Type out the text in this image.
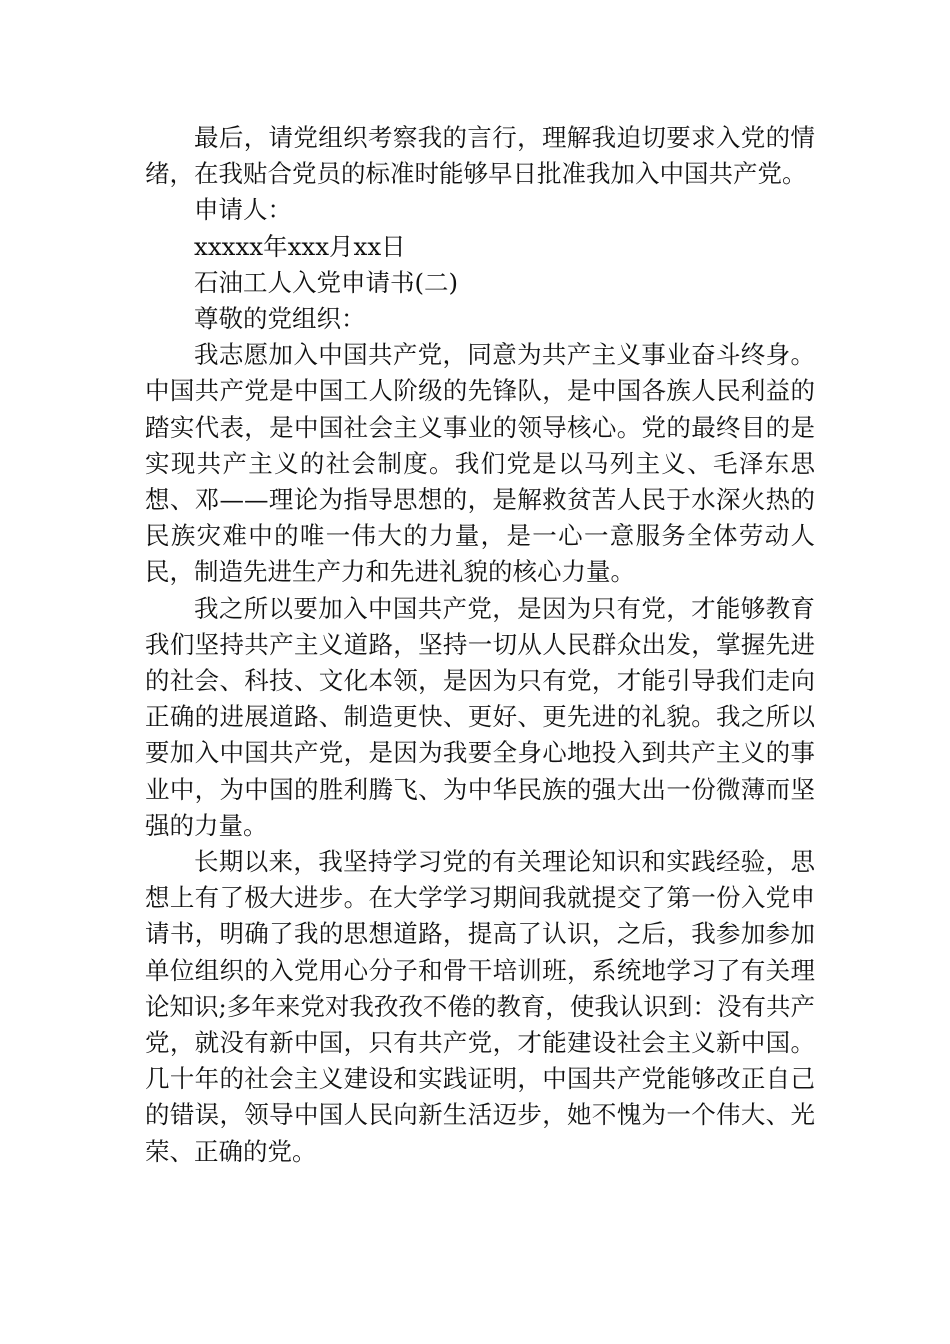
最后，请党组织考察我的言行，理解我迫切要求入党的情绪，在我贴合党员的标准时能够早日批准我加入中国共产党。

申请人：

xxxxx年xxx月xx日

石油工人入党申请书(二)

尊敬的党组织：

我志愿加入中国共产党，同意为共产主义事业奋斗终身。中国共产党是中国工人阶级的先锋队，是中国各族人民利益的踏实代表，是中国社会主义事业的领导核心。党的最终目的是实现共产主义的社会制度。我们党是以马列主义、毛泽东思想、邓——理论为指导思想的，是解救贫苦人民于水深火热的民族灾难中的唯一伟大的力量，是一心一意服务全体劳动人民，制造先进生产力和先进礼貌的核心力量。

我之所以要加入中国共产党，是因为只有党，才能够教育我们坚持共产主义道路，坚持一切从人民群众出发，掌握先进的社会、科技、文化本领，是因为只有党，才能引导我们走向正确的进展道路、制造更快、更好、更先进的礼貌。我之所以要加入中国共产党，是因为我要全身心地投入到共产主义的事业中，为中国的胜利腾飞、为中华民族的强大出一份微薄而坚强的力量。

长期以来，我坚持学习党的有关理论知识和实践经验，思想上有了极大进步。在大学学习期间我就提交了第一份入党申请书，明确了我的思想道路，提高了认识，之后，我参加参加单位组织的入党用心分子和骨干培训班，系统地学习了有关理论知识;多年来党对我孜孜不倦的教育，使我认识到：没有共产党，就没有新中国，只有共产党，才能建设社会主义新中国。几十年的社会主义建设和实践证明，中国共产党能够改正自己的错误，领导中国人民向新生活迈步，她不愧为一个伟大、光荣、正确的党。
